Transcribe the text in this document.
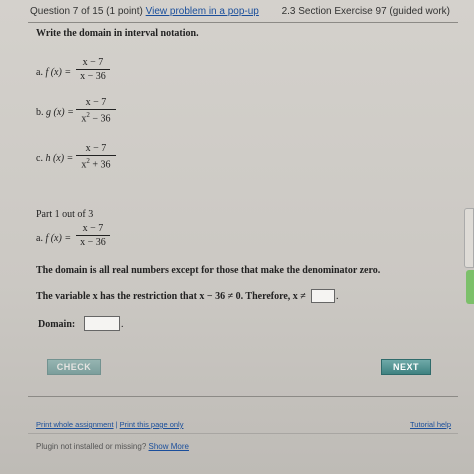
Question 7 of 15 (1 point) View problem in a pop-up 2.3 Section Exercise 97 (guided work)
Write the domain in interval notation.
a. f (x) =
x − 7
x − 36
b. g (x) =
x − 7
$x^2 - 36$
c. h (x) =
x − 7
$x^2 + 36$
Part 1 out of 3
a. f (x) =
x − 7
x − 36
The domain is all real numbers except for those that make the denominator zero.
The variable x has the restriction that x − 36 ≠ 0. Therefore, x ≠	.
Domain:	.
CHECK	NEXT
Print whole assignment | Print this page only	Tutorial help
Plugin not installed or missing? Show More
